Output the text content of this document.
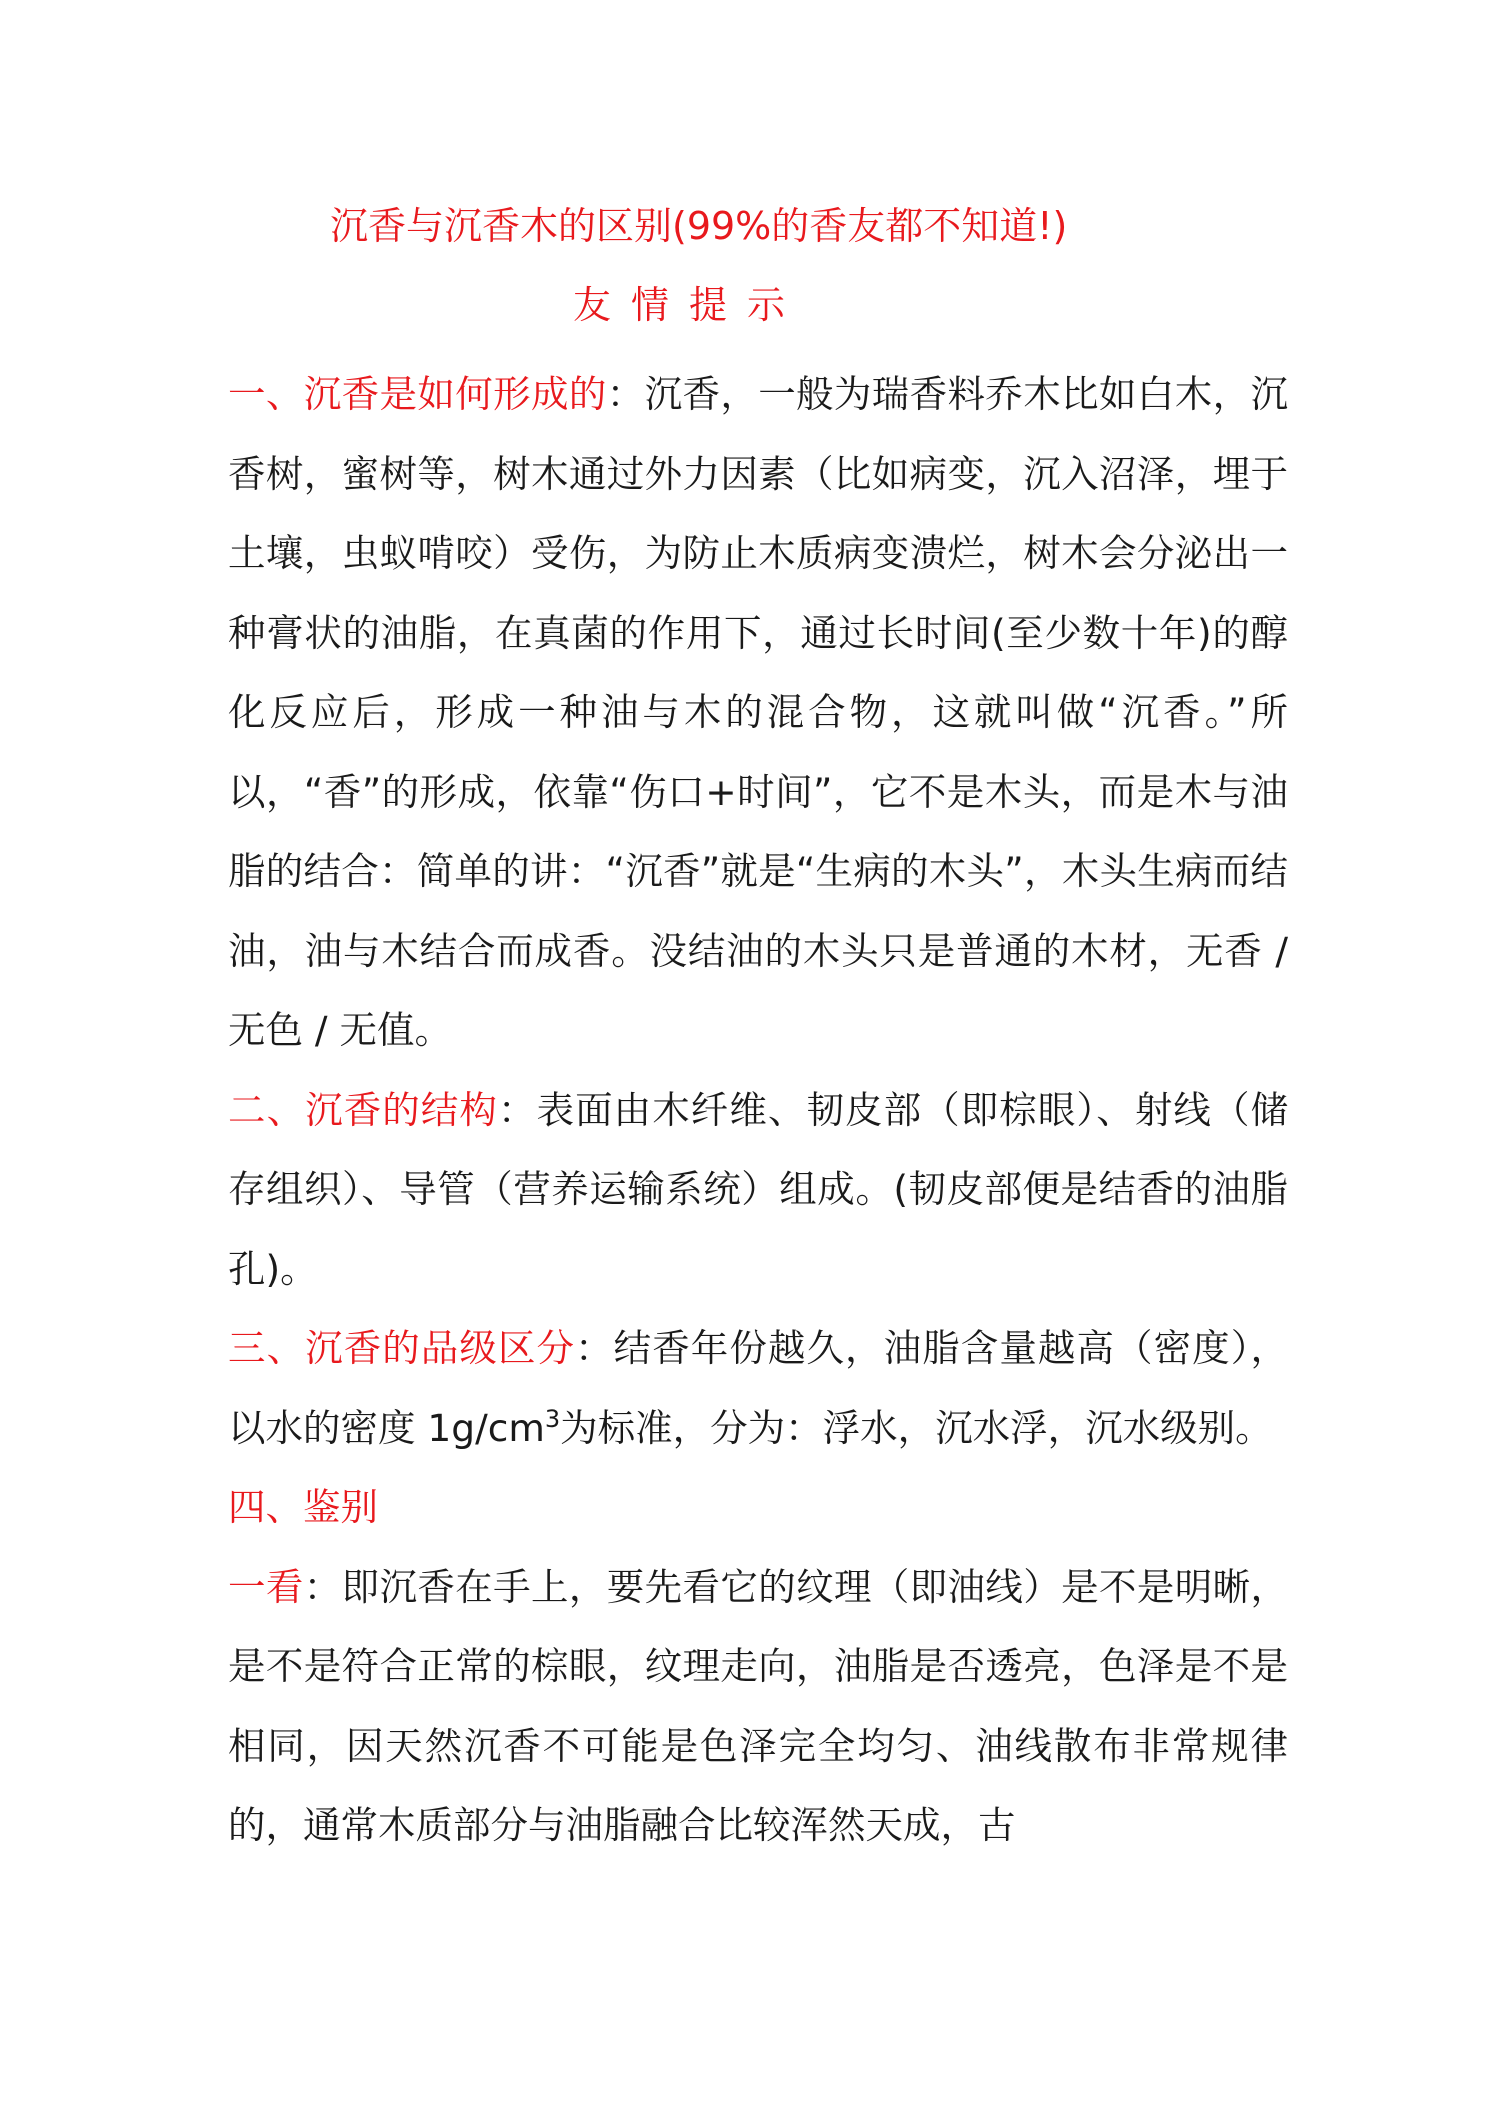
沉香与沉香木的区别(99%的香友都不知道!)
友情提示

一、沉香是如何形成的：沉香，一般为瑞香料乔木比如白木，沉香树，蜜树等，树木通过外力因素（比如病变，沉入沼泽，埋于土壤，虫蚁啃咬）受伤，为防止木质病变溃烂，树木会分泌出一种膏状的油脂，在真菌的作用下，通过长时间(至少数十年)的醇化反应后，形成一种油与木的混合物，这就叫做“沉香。”所以，“香”的形成，依靠“伤口+时间”，它不是木头，而是木与油脂的结合：简单的讲：“沉香”就是“生病的木头”，木头生病而结油，油与木结合而成香。没结油的木头只是普通的木材，无香 / 无色 / 无值。

二、沉香的结构：表面由木纤维、韧皮部（即棕眼）、射线（储存组织）、导管（营养运输系统）组成。(韧皮部便是结香的油脂孔)。

三、沉香的品级区分：结香年份越久，油脂含量越高（密度），以水的密度 $1g/cm^3$为标准，分为：浮水，沉水浮，沉水级别。

四、鉴别

一看：即沉香在手上，要先看它的纹理（即油线）是不是明晰，是不是符合正常的棕眼，纹理走向，油脂是否透亮，色泽是不是相同，因天然沉香不可能是色泽完全均匀、油线散布非常规律的，通常木质部分与油脂融合比较浑然天成，古
